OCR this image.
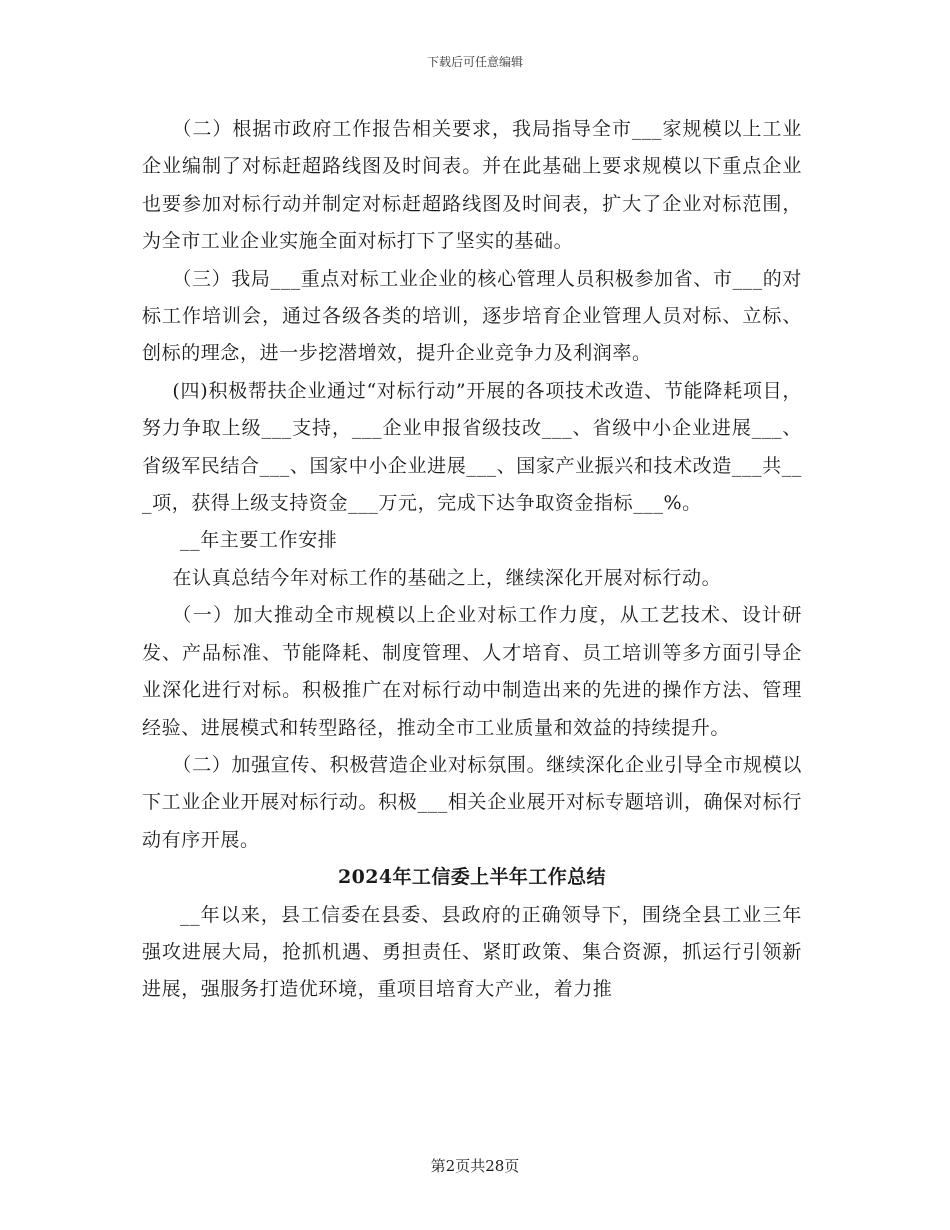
下载后可任意编辑

（二）根据市政府工作报告相关要求，我局指导全市___家规模以上工业企业编制了对标赶超路线图及时间表。并在此基础上要求规模以下重点企业也要参加对标行动并制定对标赶超路线图及时间表，扩大了企业对标范围，为全市工业企业实施全面对标打下了坚实的基础。

（三）我局___重点对标工业企业的核心管理人员积极参加省、市___的对标工作培训会，通过各级各类的培训，逐步培育企业管理人员对标、立标、创标的理念，进一步挖潜增效，提升企业竞争力及利润率。

(四)积极帮扶企业通过“对标行动”开展的各项技术改造、节能降耗项目，努力争取上级___支持，___企业申报省级技改___、省级中小企业进展___、省级军民结合___、国家中小企业进展___、国家产业振兴和技术改造___共___项，获得上级支持资金___万元，完成下达争取资金指标___%。

__年主要工作安排

在认真总结今年对标工作的基础之上，继续深化开展对标行动。

（一）加大推动全市规模以上企业对标工作力度，从工艺技术、设计研发、产品标准、节能降耗、制度管理、人才培育、员工培训等多方面引导企业深化进行对标。积极推广在对标行动中制造出来的先进的操作方法、管理经验、进展模式和转型路径，推动全市工业质量和效益的持续提升。

（二）加强宣传、积极营造企业对标氛围。继续深化企业引导全市规模以下工业企业开展对标行动。积极___相关企业展开对标专题培训，确保对标行动有序开展。

2024年工信委上半年工作总结

__年以来，县工信委在县委、县政府的正确领导下，围绕全县工业三年强攻进展大局，抢抓机遇、勇担责任、紧盯政策、集合资源，抓运行引领新进展，强服务打造优环境，重项目培育大产业，着力推

第2页共28页
